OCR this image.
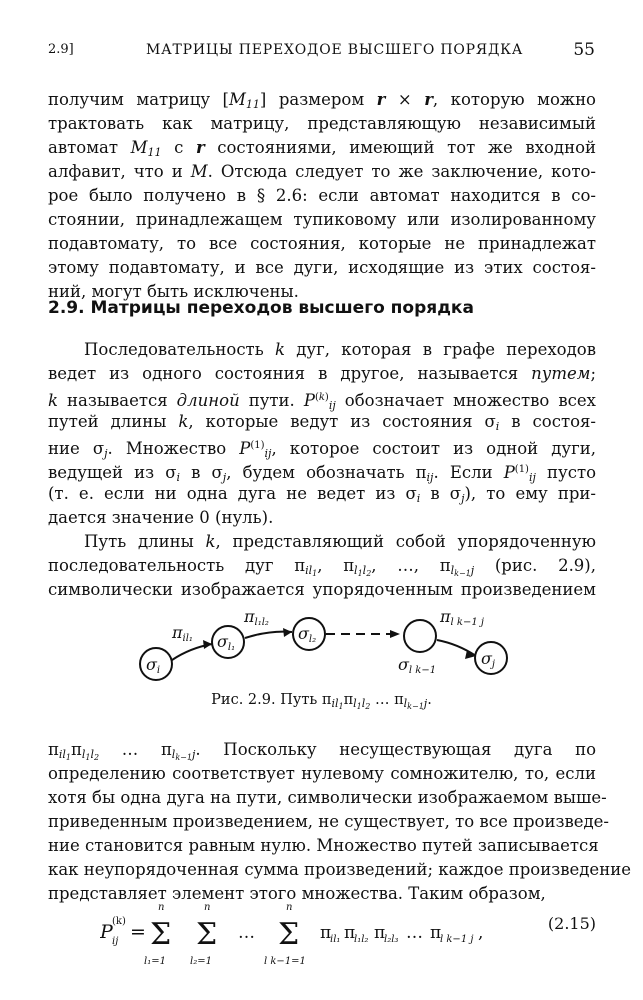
2.9]	МАТРИЦЫ ПЕРЕХОДОЕ ВЫСШЕГО ПОРЯДКА	55
получим матрицу $[M_{11}]$ размером r × r, которую можно
трактовать как матрицу, представляющую независимый
автомат $M_{11}$ с r состояниями, имеющий тот же входной
алфавит, что и M. Отсюда следует то же заключение, кото-
рое было получено в § 2.6: если автомат находится в со-
стоянии, принадлежащем тупиковому или изолированному
подавтомату, то все состояния, которые не принадлежат
этому подавтомату, и все дуги, исходящие из этих состоя-
ний, могут быть исключены.
2.9. Матрицы переходов высшего порядка
Последовательность k дуг, которая в графе переходов
ведет из одного состояния в другое, называется путем;
k называется длиной пути. $P^{(k)}_{ij}$ обозначает множество всех
путей длины k, которые ведут из состояния $\sigma_i$ в состоя-
ние $\sigma_j$. Множество $P^{(1)}_{ij}$, которое состоит из одной дуги,
ведущей из $\sigma_i$ в $\sigma_j$, будем обозначать $\pi_{ij}$. Если $P^{(1)}_{ij}$ пусто
(т. е. если ни одна дуга не ведет из $\sigma_i$ в $\sigma_j$), то ему при-
дается значение 0 (нуль).
Путь длины k, представляющий собой упорядоченную
последовательность дуг $\pi_{il1}$, $\pi_{l1l2}$, …, $\pi_{lk-1j}$ (рис. 2.9),
символически изображается упорядоченным произведением
σi
σl₁
σl₂
σl k−1
σj
πil₁
πl₁l₂	πl k−1 j
Рис. 2.9. Путь $\pi_{il1}\pi_{l1l2}$ … $\pi_{lk-1j}$.
$\pi_{il1}\pi_{l1l2}$ … $\pi_{lk-1j}$. Поскольку несуществующая дуга по
определению соответствует нулевому сомножителю, то, если
хотя бы одна дуга на пути, символически изображаемом выше-
приведенным произведением, не существует, то все произведе-
ние становится равным нулю. Множество путей записывается
как неупорядоченная сумма произведений; каждое произведение
представляет элемент этого множества. Таким образом,
P (k)
ij =
n
Σ
l₁=1
n
Σ
l₂=1
…
n
Σ
l k−1=1
π
il₁ π
l₁l₂ π
l₂l₃ … π
l k−1 j ,	(2.15)
